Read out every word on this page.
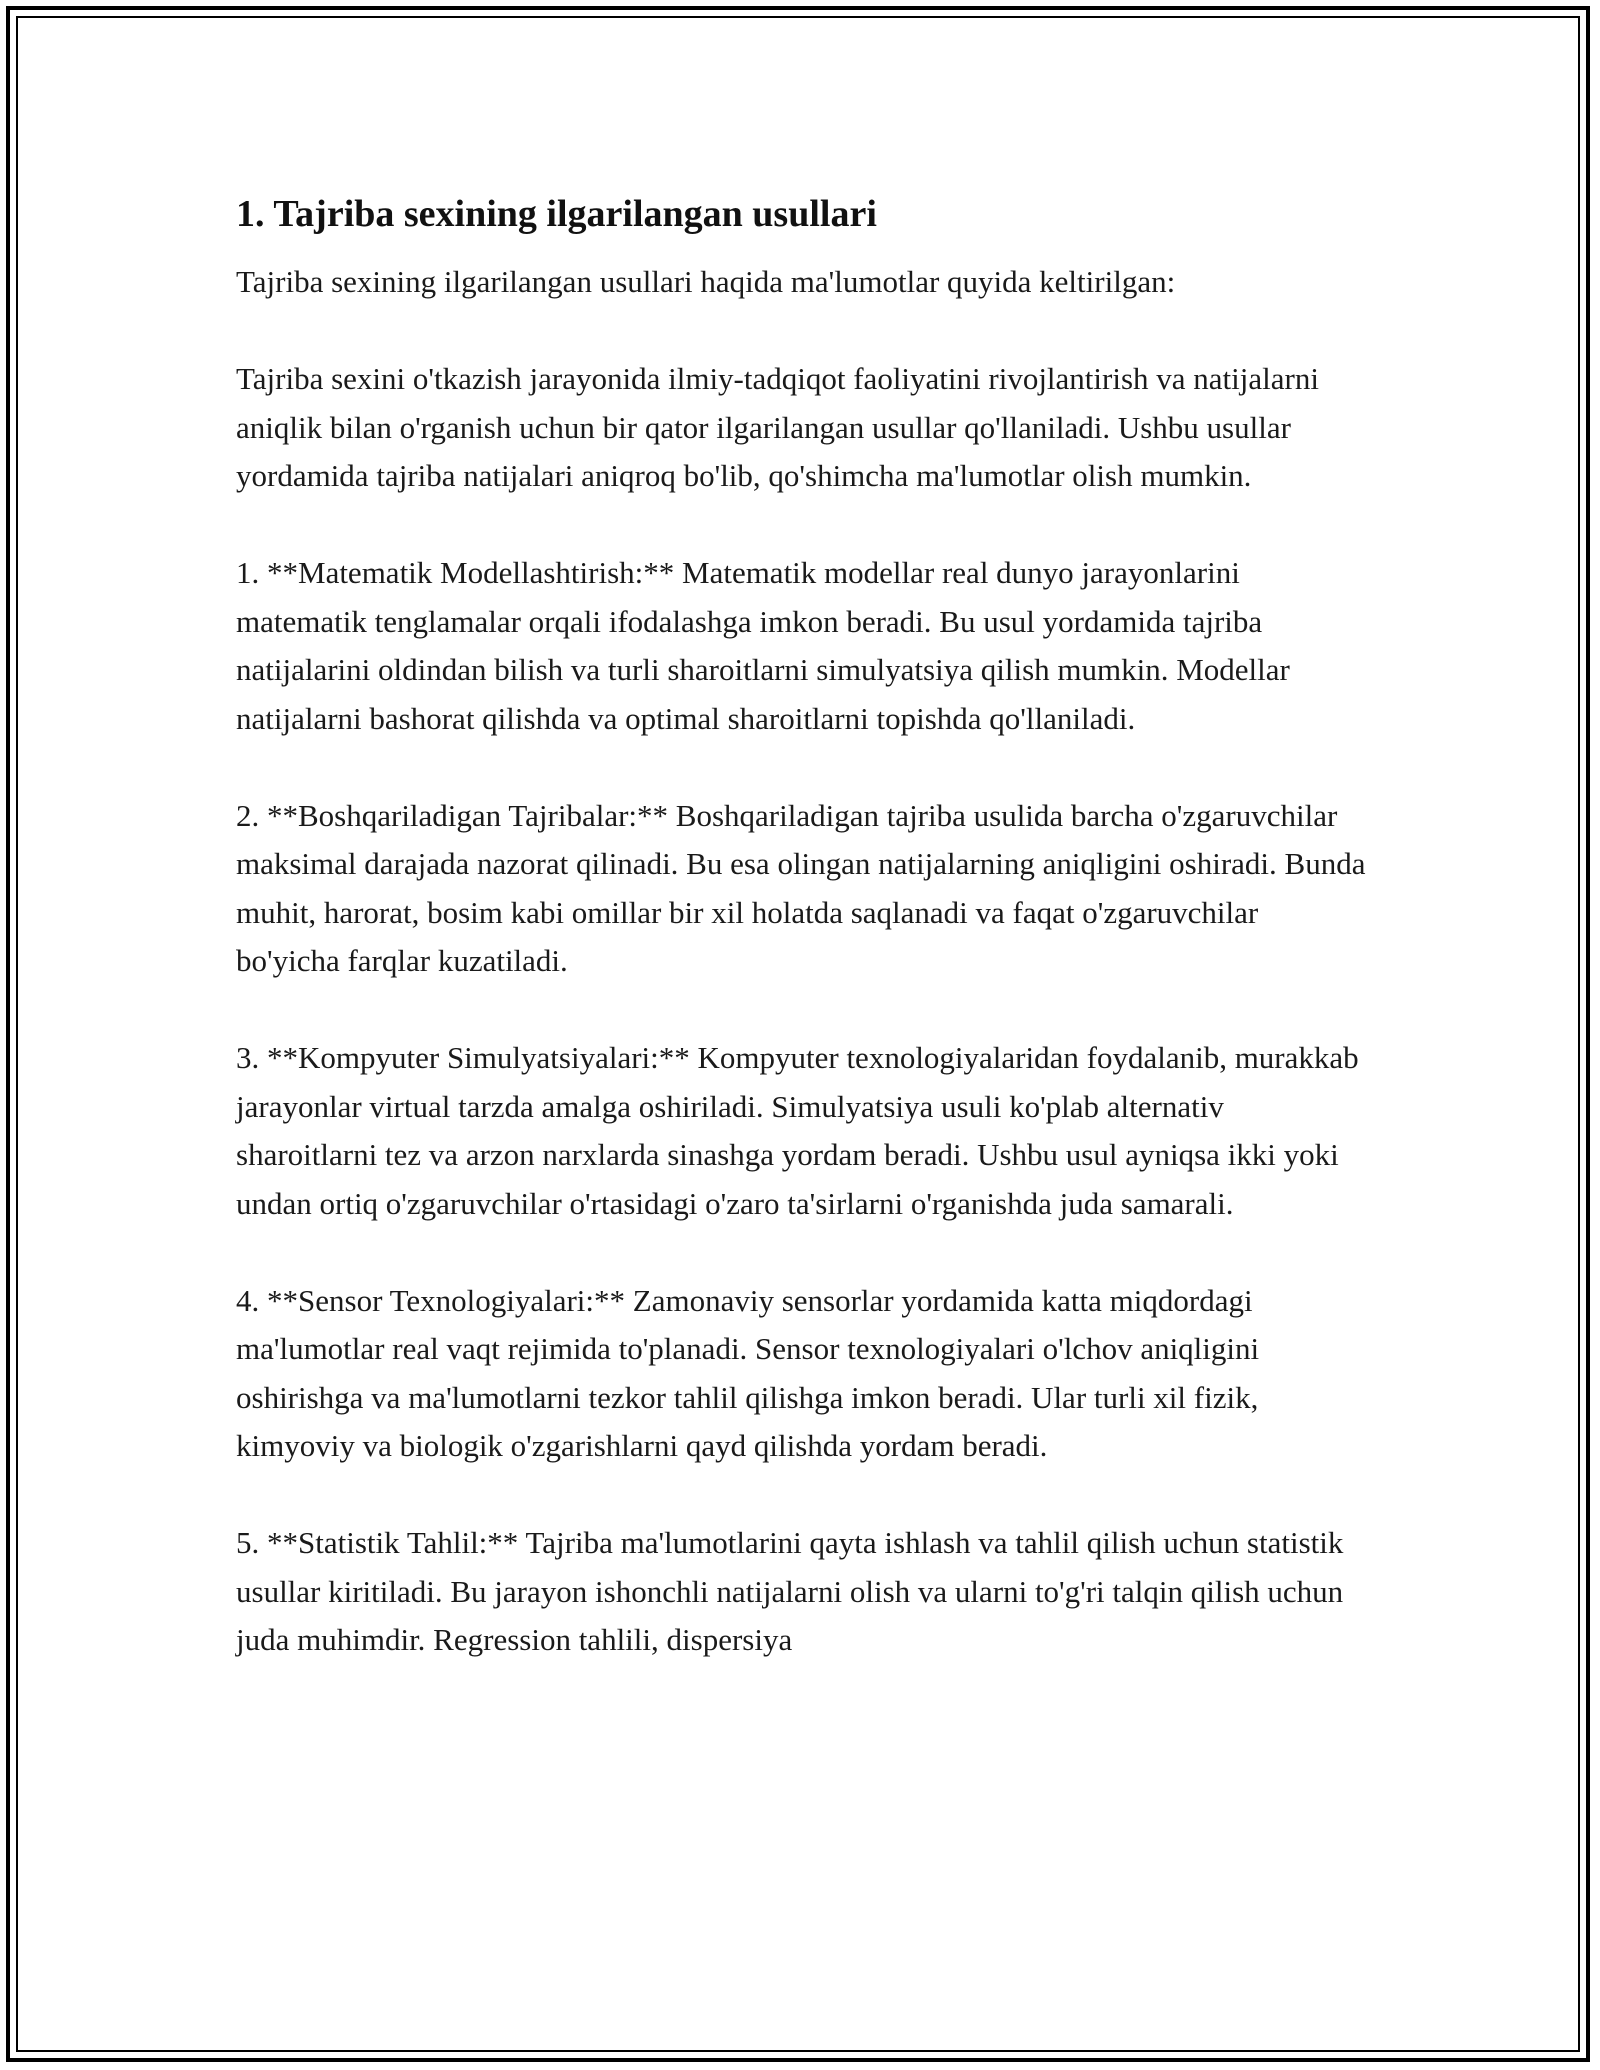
1. Tajriba sexining ilgarilangan usullari

Tajriba sexining ilgarilangan usullari haqida ma'lumotlar quyida keltirilgan:

Tajriba sexini o'tkazish jarayonida ilmiy-tadqiqot faoliyatini rivojlantirish va natijalarni aniqlik bilan o'rganish uchun bir qator ilgarilangan usullar qo'llaniladi. Ushbu usullar yordamida tajriba natijalari aniqroq bo'lib, qo'shimcha ma'lumotlar olish mumkin.

1. **Matematik Modellashtirish:** Matematik modellar real dunyo jarayonlarini matematik tenglamalar orqali ifodalashga imkon beradi. Bu usul yordamida tajriba natijalarini oldindan bilish va turli sharoitlarni simulyatsiya qilish mumkin. Modellar natijalarni bashorat qilishda va optimal sharoitlarni topishda qo'llaniladi.

2. **Boshqariladigan Tajribalar:** Boshqariladigan tajriba usulida barcha o'zgaruvchilar maksimal darajada nazorat qilinadi. Bu esa olingan natijalarning aniqligini oshiradi. Bunda muhit, harorat, bosim kabi omillar bir xil holatda saqlanadi va faqat o'zgaruvchilar bo'yicha farqlar kuzatiladi.

3. **Kompyuter Simulyatsiyalari:** Kompyuter texnologiyalaridan foydalanib, murakkab jarayonlar virtual tarzda amalga oshiriladi. Simulyatsiya usuli ko'plab alternativ sharoitlarni tez va arzon narxlarda sinashga yordam beradi. Ushbu usul ayniqsa ikki yoki undan ortiq o'zgaruvchilar o'rtasidagi o'zaro ta'sirlarni o'rganishda juda samarali.

4. **Sensor Texnologiyalari:** Zamonaviy sensorlar yordamida katta miqdordagi ma'lumotlar real vaqt rejimida to'planadi. Sensor texnologiyalari o'lchov aniqligini oshirishga va ma'lumotlarni tezkor tahlil qilishga imkon beradi. Ular turli xil fizik, kimyoviy va biologik o'zgarishlarni qayd qilishda yordam beradi.

5. **Statistik Tahlil:** Tajriba ma'lumotlarini qayta ishlash va tahlil qilish uchun statistik usullar kiritiladi. Bu jarayon ishonchli natijalarni olish va ularni to'g'ri talqin qilish uchun juda muhimdir. Regression tahlili, dispersiya
